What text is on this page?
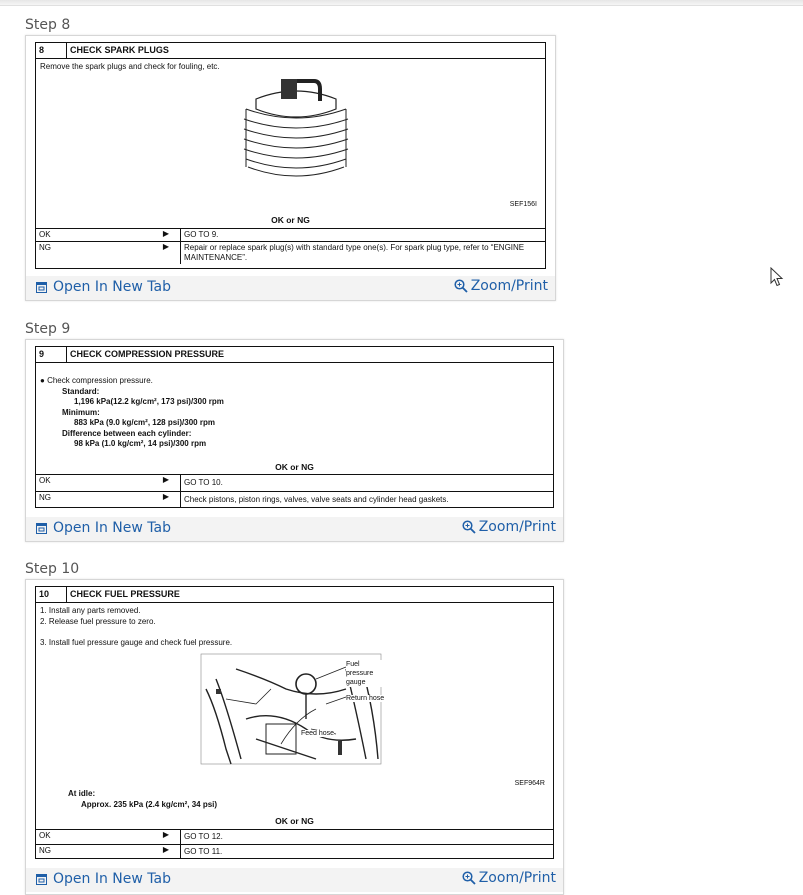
Step 8
8	CHECK SPARK PLUGS
Remove the spark plugs and check for fouling, etc.
SEF156I
OK or NG
OK	▶	GO TO 9.
NG	▶	Repair or replace spark plug(s) with standard type one(s). For spark plug type, refer to “ENGINE MAINTENANCE”.
Open In New Tab	Zoom/Print
Step 9
9	CHECK COMPRESSION PRESSURE
● Check compression pressure.
Standard:
1,196 kPa(12.2 kg/cm², 173 psi)/300 rpm
Minimum:
883 kPa (9.0 kg/cm², 128 psi)/300 rpm
Difference between each cylinder:
98 kPa (1.0 kg/cm², 14 psi)/300 rpm
OK or NG
OK	▶	GO TO 10.
NG	▶	Check pistons, piston rings, valves, valve seats and cylinder head gaskets.
Open In New Tab	Zoom/Print
Step 10
10	CHECK FUEL PRESSURE
1. Install any parts removed.
2. Release fuel pressure to zero.
3. Install fuel pressure gauge and check fuel pressure.
Fuel pressure gauge
Return hose
Feed hose
SEF964R
At idle:
Approx. 235 kPa (2.4 kg/cm², 34 psi)
OK or NG
OK	▶	GO TO 12.
NG	▶	GO TO 11.
Open In New Tab	Zoom/Print
